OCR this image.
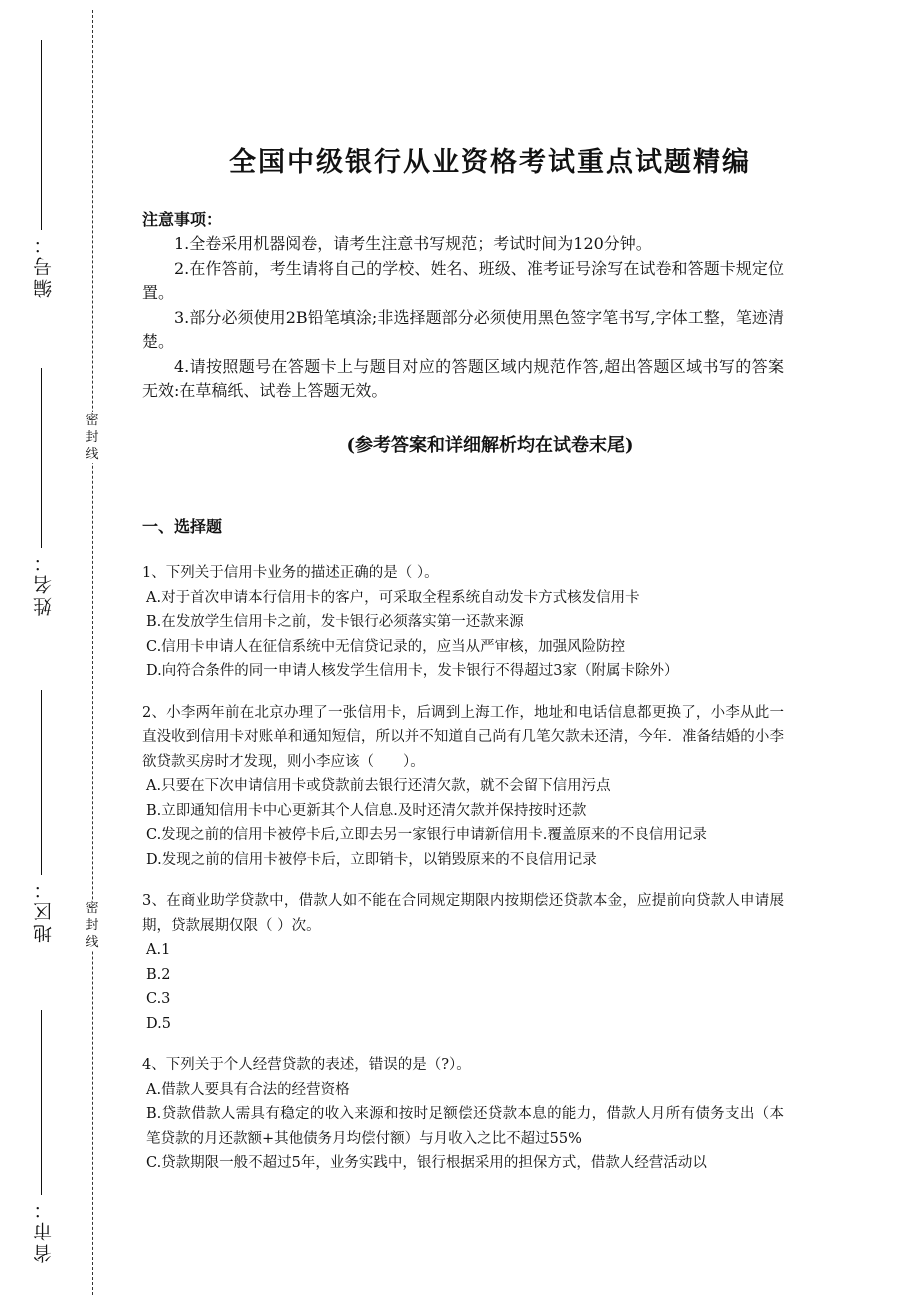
密封线
密封线
编号：
姓名：
地区：
省市：
全国中级银行从业资格考试重点试题精编
注意事项：
1.全卷采用机器阅卷，请考生注意书写规范；考试时间为120分钟。
2.在作答前，考生请将自己的学校、姓名、班级、准考证号涂写在试卷和答题卡规定位置。
3.部分必须使用2B铅笔填涂;非选择题部分必须使用黑色签字笔书写,字体工整，笔迹清楚。
4.请按照题号在答题卡上与题目对应的答题区域内规范作答,超出答题区域书写的答案无效:在草稿纸、试卷上答题无效。
(参考答案和详细解析均在试卷末尾)
一、选择题
1、下列关于信用卡业务的描述正确的是（ ）。
A.对于首次申请本行信用卡的客户，可采取全程系统自动发卡方式核发信用卡
B.在发放学生信用卡之前，发卡银行必须落实第一还款来源
C.信用卡申请人在征信系统中无信贷记录的，应当从严审核，加强风险防控
D.向符合条件的同一申请人核发学生信用卡，发卡银行不得超过3家（附属卡除外）
2、小李两年前在北京办理了一张信用卡，后调到上海工作，地址和电话信息都更换了，小李从此一直没收到信用卡对账单和通知短信，所以并不知道自己尚有几笔欠款未还清，今年．准备结婚的小李欲贷款买房时才发现，则小李应该（　　）。
A.只要在下次申请信用卡或贷款前去银行还清欠款，就不会留下信用污点
B.立即通知信用卡中心更新其个人信息.及时还清欠款并保持按时还款
C.发现之前的信用卡被停卡后,立即去另一家银行申请新信用卡.覆盖原来的不良信用记录
D.发现之前的信用卡被停卡后，立即销卡，以销毁原来的不良信用记录
3、在商业助学贷款中，借款人如不能在合同规定期限内按期偿还贷款本金，应提前向贷款人申请展期，贷款展期仅限（ ）次。
A.1
B.2
C.3
D.5
4、下列关于个人经营贷款的表述，错误的是（?）。
A.借款人要具有合法的经营资格
B.贷款借款人需具有稳定的收入来源和按时足额偿还贷款本息的能力，借款人月所有债务支出（本笔贷款的月还款额+其他债务月均偿付额）与月收入之比不超过55%
C.贷款期限一般不超过5年，业务实践中，银行根据采用的担保方式，借款人经营活动以
